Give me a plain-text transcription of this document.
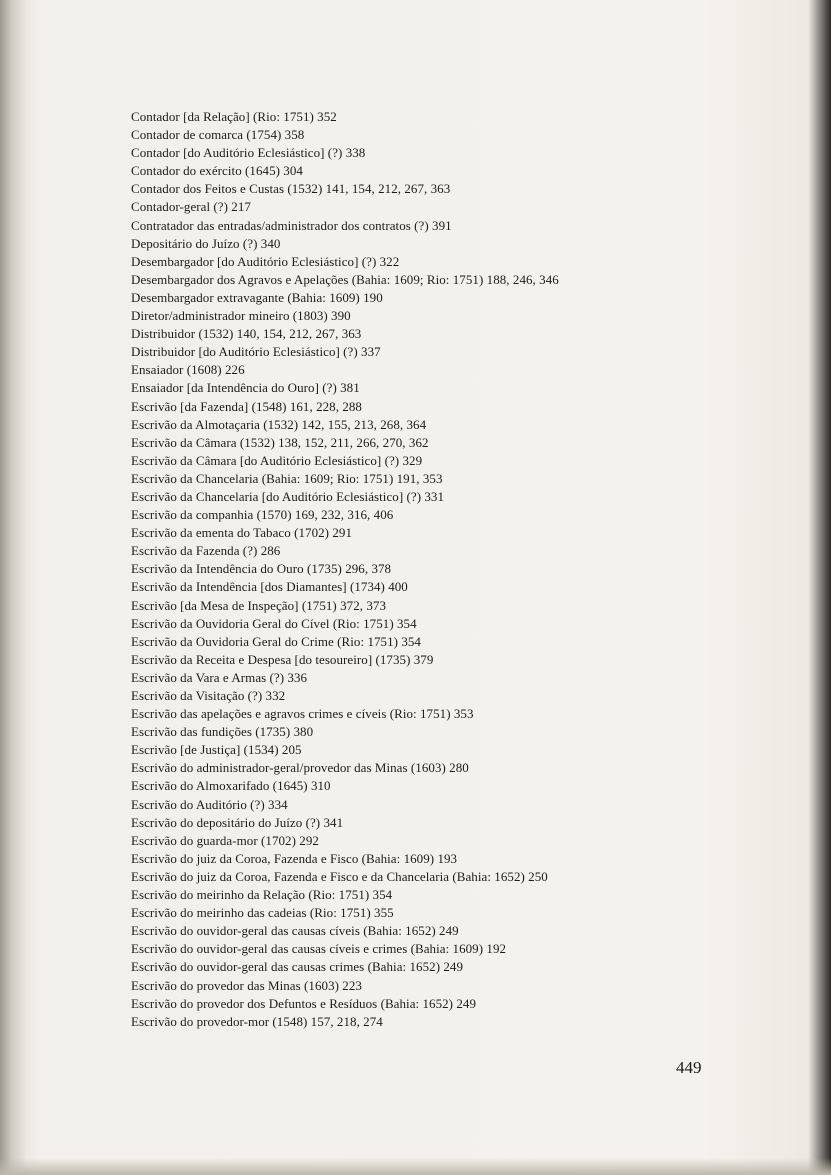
Contador [da Relação] (Rio: 1751) 352
Contador de comarca (1754) 358
Contador [do Auditório Eclesiástico] (?) 338
Contador do exército (1645) 304
Contador dos Feitos e Custas (1532) 141, 154, 212, 267, 363
Contador-geral (?) 217
Contratador das entradas/administrador dos contratos (?) 391
Depositário do Juízo (?) 340
Desembargador [do Auditório Eclesiástico] (?) 322
Desembargador dos Agravos e Apelações (Bahia: 1609; Rio: 1751) 188, 246, 346
Desembargador extravagante (Bahia: 1609) 190
Diretor/administrador mineiro (1803) 390
Distribuidor (1532) 140, 154, 212, 267, 363
Distribuidor [do Auditório Eclesiástico] (?) 337
Ensaiador (1608) 226
Ensaiador [da Intendência do Ouro] (?) 381
Escrivão [da Fazenda] (1548) 161, 228, 288
Escrivão da Almotaçaria (1532) 142, 155, 213, 268, 364
Escrivão da Câmara (1532) 138, 152, 211, 266, 270, 362
Escrivão da Câmara [do Auditório Eclesiástico] (?) 329
Escrivão da Chancelaria (Bahia: 1609; Rio: 1751) 191, 353
Escrivão da Chancelaria [do Auditório Eclesiástico] (?) 331
Escrivão da companhia (1570) 169, 232, 316, 406
Escrivão da ementa do Tabaco (1702) 291
Escrivão da Fazenda (?) 286
Escrivão da Intendência do Ouro (1735) 296, 378
Escrivão da Intendência [dos Diamantes] (1734) 400
Escrivão [da Mesa de Inspeção] (1751) 372, 373
Escrivão da Ouvidoria Geral do Cível (Rio: 1751) 354
Escrivão da Ouvidoria Geral do Crime (Rio: 1751) 354
Escrivão da Receita e Despesa [do tesoureiro] (1735) 379
Escrivão da Vara e Armas (?) 336
Escrivão da Visitação (?) 332
Escrivão das apelações e agravos crimes e cíveis (Rio: 1751) 353
Escrivão das fundições (1735) 380
Escrivão [de Justiça] (1534) 205
Escrivão do administrador-geral/provedor das Minas (1603) 280
Escrivão do Almoxarifado (1645) 310
Escrivão do Auditório (?) 334
Escrivão do depositário do Juízo (?) 341
Escrivão do guarda-mor (1702) 292
Escrivão do juiz da Coroa, Fazenda e Fisco (Bahia: 1609) 193
Escrivão do juiz da Coroa, Fazenda e Fisco e da Chancelaria (Bahia: 1652) 250
Escrivão do meirinho da Relação (Rio: 1751) 354
Escrivão do meirinho das cadeias (Rio: 1751) 355
Escrivão do ouvidor-geral das causas cíveis (Bahia: 1652) 249
Escrivão do ouvidor-geral das causas cíveis e crimes (Bahia: 1609) 192
Escrivão do ouvidor-geral das causas crimes (Bahia: 1652) 249
Escrivão do provedor das Minas (1603) 223
Escrivão do provedor dos Defuntos e Resíduos (Bahia: 1652) 249
Escrivão do provedor-mor (1548) 157, 218, 274
449
